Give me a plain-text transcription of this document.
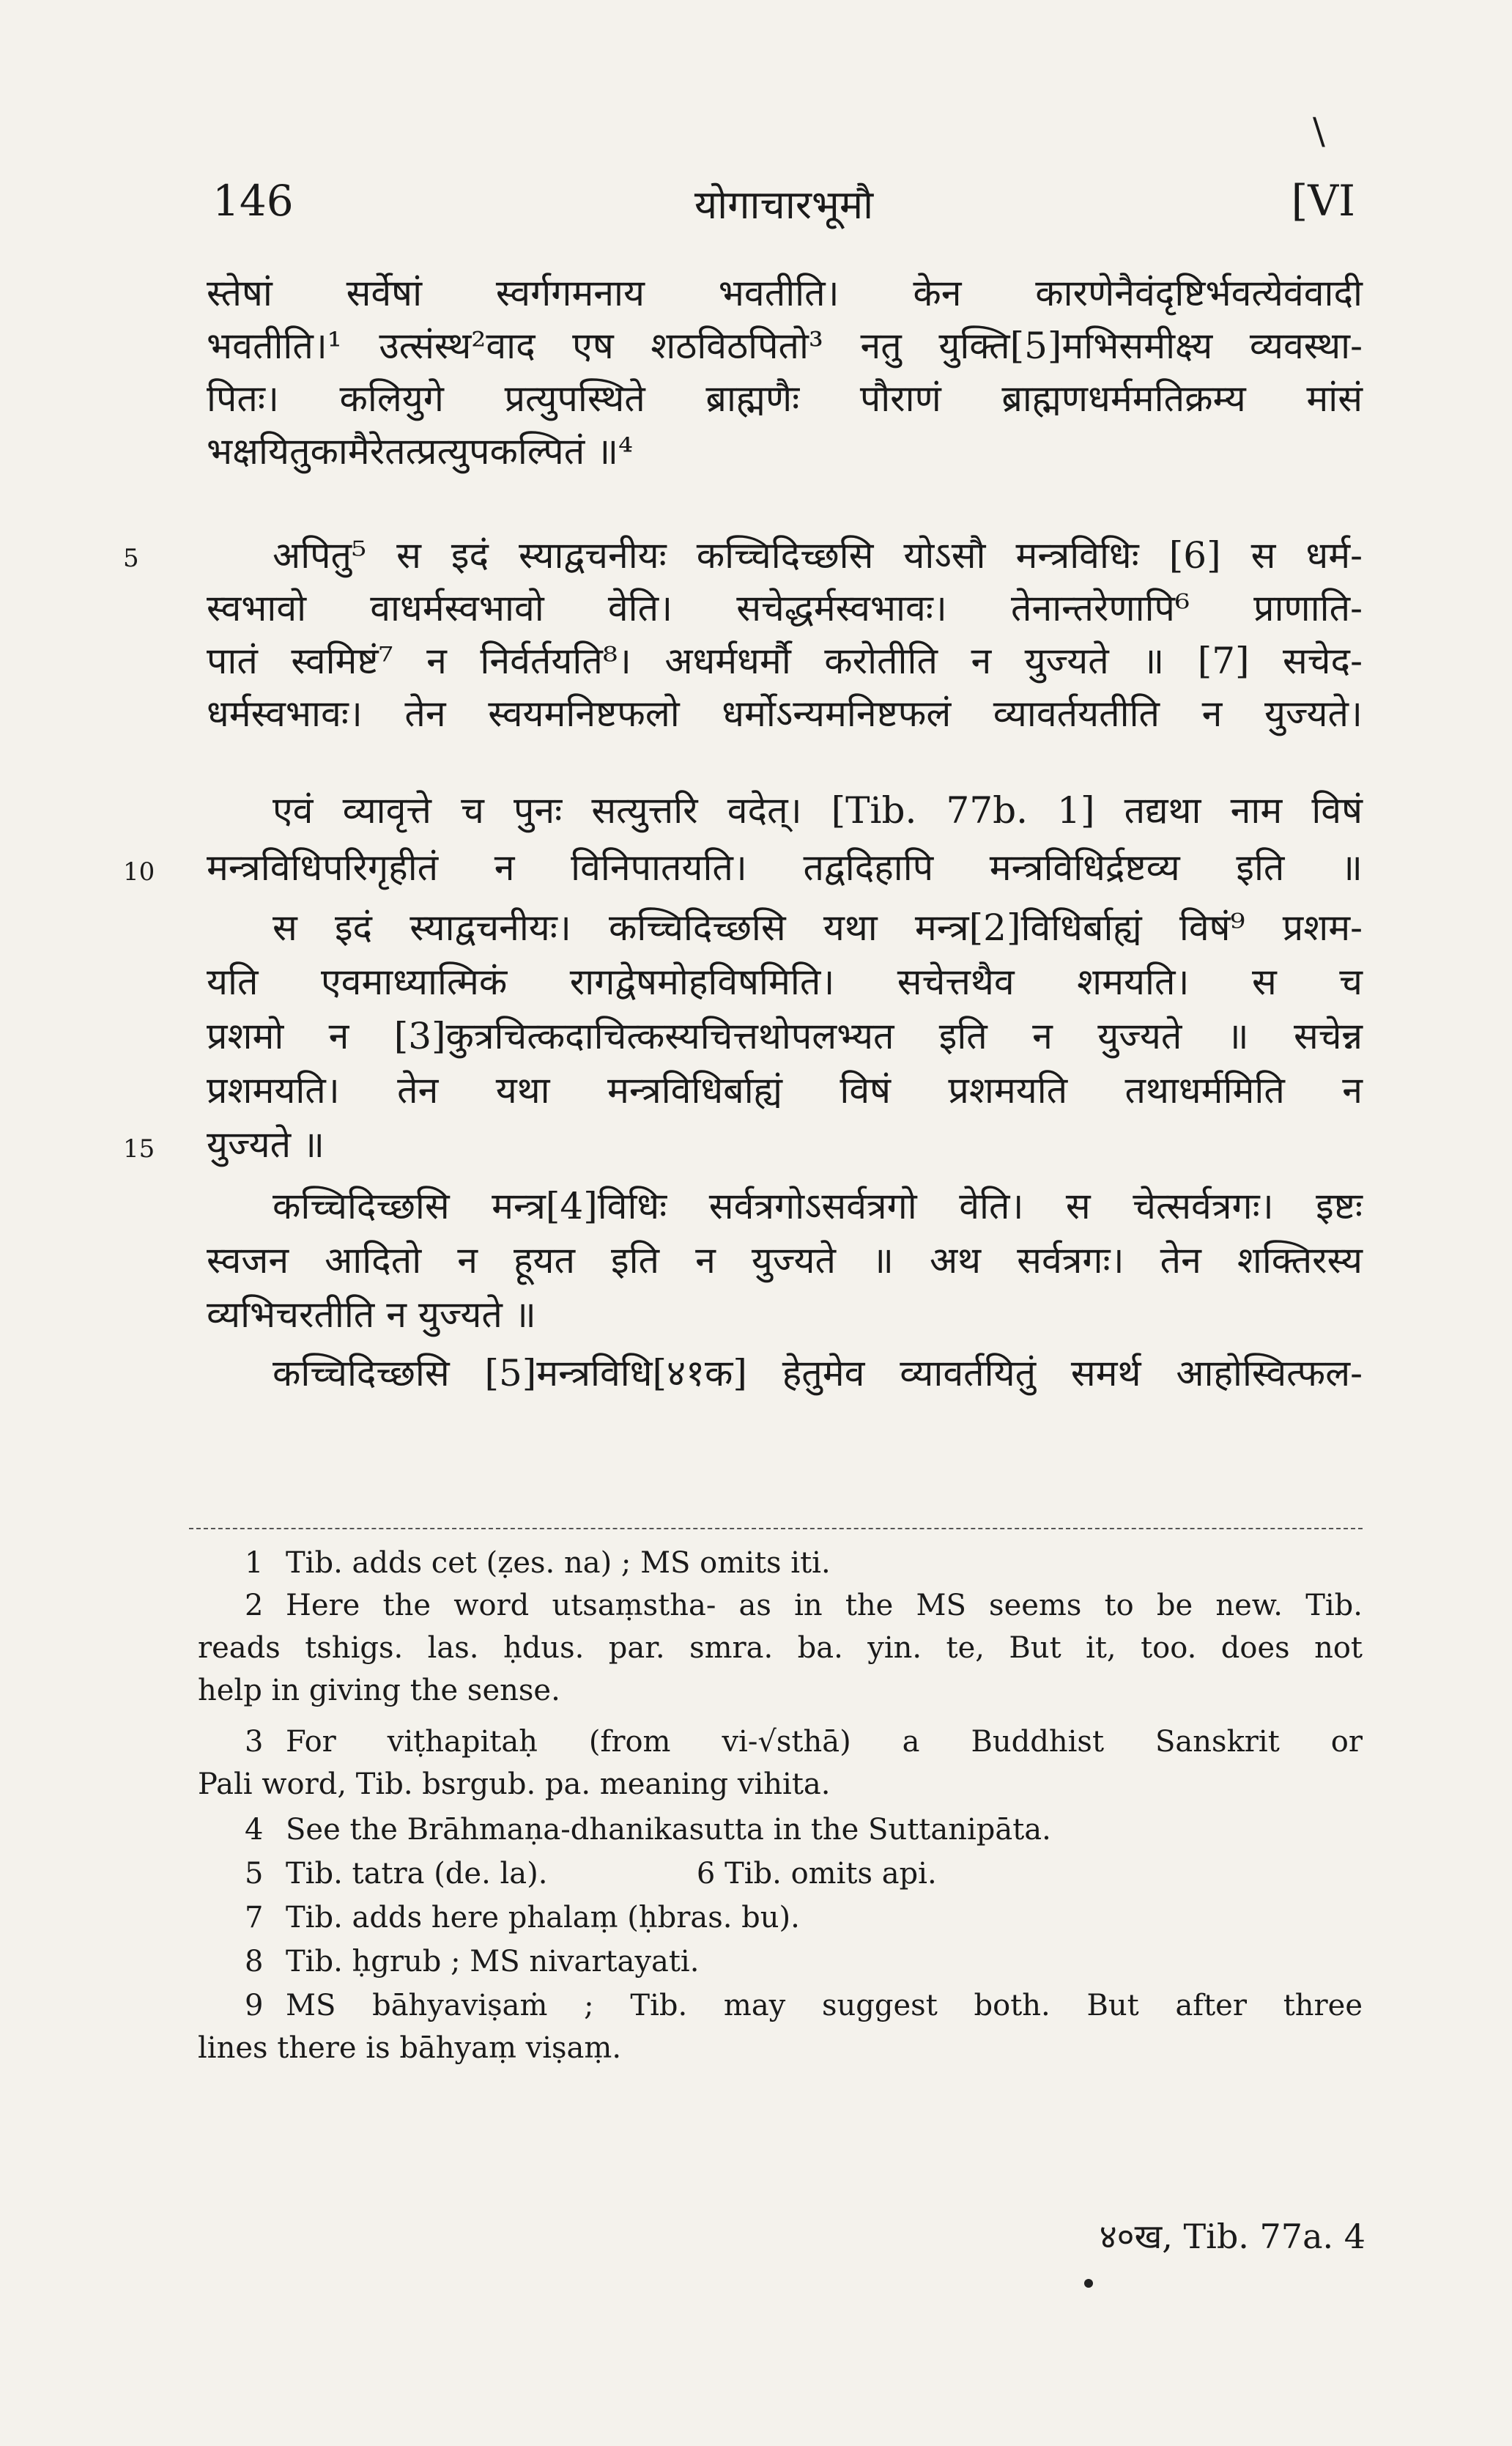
\
146	योगाचारभूमौ	[VI
स्तेषां सर्वेषां स्वर्गगमनाय भवतीति। केन कारणेनैवंदृष्टिर्भवत्येवंवादी
भवतीति।¹ उत्संस्थ²वाद एष शठविठपितो³ नतु युक्ति[5]मभिसमीक्ष्य व्यवस्था-
पितः। कलियुगे प्रत्युपस्थिते ब्राह्मणैः पौराणं ब्राह्मणधर्ममतिक्रम्य मांसं
भक्षयितुकामैरेतत्प्रत्युपकल्पितं ॥⁴
अपितु⁵ स इदं स्याद्वचनीयः कच्चिदिच्छसि योऽसौ मन्त्रविधिः [6] स धर्म-
स्वभावो वाधर्मस्वभावो वेति। सचेद्धर्मस्वभावः। तेनान्तरेणापि⁶ प्राणाति-
पातं स्वमिष्टं⁷ न निर्वर्तयति⁸। अधर्मधर्मौ करोतीति न युज्यते ॥ [7] सचेद-
धर्मस्वभावः। तेन स्वयमनिष्टफलो धर्मोऽन्यमनिष्टफलं व्यावर्तयतीति न युज्यते।
एवं व्यावृत्ते च पुनः सत्युत्तरि वदेत्। [Tib. 77b. 1] तद्यथा नाम विषं
मन्त्रविधिपरिगृहीतं न विनिपातयति। तद्वदिहापि मन्त्रविधिर्द्रष्टव्य इति ॥
स इदं स्याद्वचनीयः। कच्चिदिच्छसि यथा मन्त्र[2]विधिर्बाह्यं विषं⁹ प्रशम-
यति एवमाध्यात्मिकं रागद्वेषमोहविषमिति। सचेत्तथैव शमयति। स च
प्रशमो न [3]कुत्रचित्कदाचित्कस्यचित्तथोपलभ्यत इति न युज्यते ॥ सचेन्न
प्रशमयति। तेन यथा मन्त्रविधिर्बाह्यं विषं प्रशमयति तथाधर्ममिति न
युज्यते ॥
कच्चिदिच्छसि मन्त्र[4]विधिः सर्वत्रगोऽसर्वत्रगो वेति। स चेत्सर्वत्रगः। इष्टः
स्वजन आदितो न हूयत इति न युज्यते ॥ अथ सर्वत्रगः। तेन शक्तिरस्य
व्यभिचरतीति न युज्यते ॥
कच्चिदिच्छसि [5]मन्त्रविधि[४१क] हेतुमेव व्यावर्तयितुं समर्थ आहोस्वित्फल-
5
10
15
1 Tib. adds cet (ẓes. na) ; MS omits iti.
2 Here the word utsaṃstha- as in the MS seems to be new. Tib.
reads tshigs. las. ḥdus. par. smra. ba. yin. te, But it, too. does not
help in giving the sense.
3 For viṭhapitaḥ (from vi-√sthā) a Buddhist Sanskrit or
Pali word, Tib. bsrgub. pa. meaning vihita.
4 See the Brāhmaṇa-dhanikasutta in the Suttanipāta.
5 Tib. tatra (de. la).                6 Tib. omits api.
7 Tib. adds here phalaṃ (ḥbras. bu).
8 Tib. ḥgrub ; MS nivartayati.
9 MS bāhyaviṣaṁ ; Tib. may suggest both. But after three
lines there is bāhyaṃ viṣaṃ.
४०ख, Tib. 77a. 4
